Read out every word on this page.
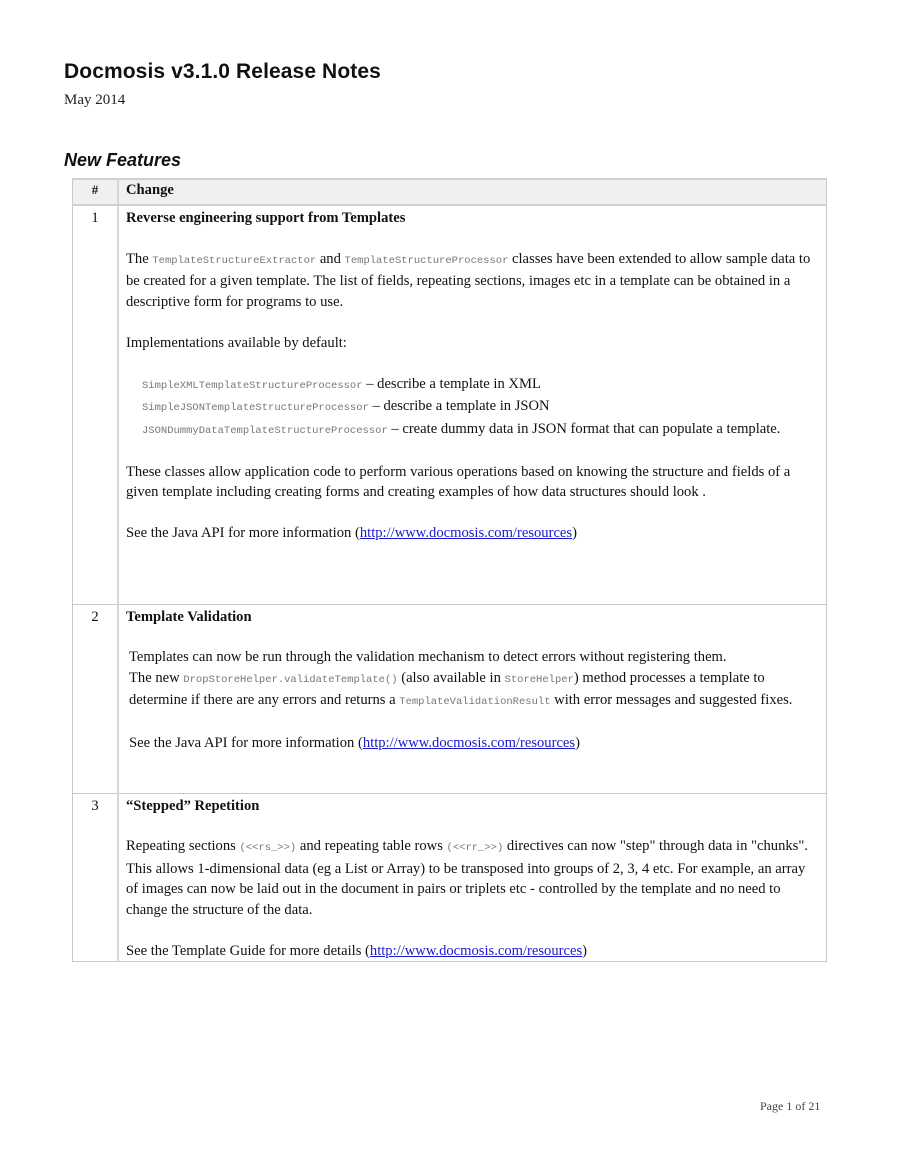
Docmosis v3.1.0 Release Notes
May 2014
New Features
#	Change
1	Reverse engineering support from Templates

The TemplateStructureExtractor and TemplateStructureProcessor classes have been extended to allow sample data to be created for a given template. The list of fields, repeating sections, images etc in a template can be obtained in a descriptive form for programs to use.

Implementations available by default:

SimpleXMLTemplateStructureProcessor – describe a template in XML

SimpleJSONTemplateStructureProcessor – describe a template in JSON

JSONDummyDataTemplateStructureProcessor – create dummy data in JSON format that can populate a template.

These classes allow application code to perform various operations based on knowing the structure and fields of a given template including creating forms and creating examples of how data structures should look .

See the Java API for more information (http://www.docmosis.com/resources)

2	Template Validation

Templates can now be run through the validation mechanism to detect errors without registering them.

The new DropStoreHelper.validateTemplate() (also available in StoreHelper) method processes a template to determine if there are any errors and returns a TemplateValidationResult with error messages and suggested fixes.

See the Java API for more information (http://www.docmosis.com/resources)

3	“Stepped” Repetition

Repeating sections (<<rs_>>) and repeating table rows (<<rr_>>) directives can now "step" through data in "chunks". This allows 1-dimensional data (eg a List or Array) to be transposed into groups of 2, 3, 4 etc. For example, an array of images can now be laid out in the document in pairs or triplets etc - controlled by the template and no need to change the structure of the data.

See the Template Guide for more details (http://www.docmosis.com/resources)

Page 1 of 21
